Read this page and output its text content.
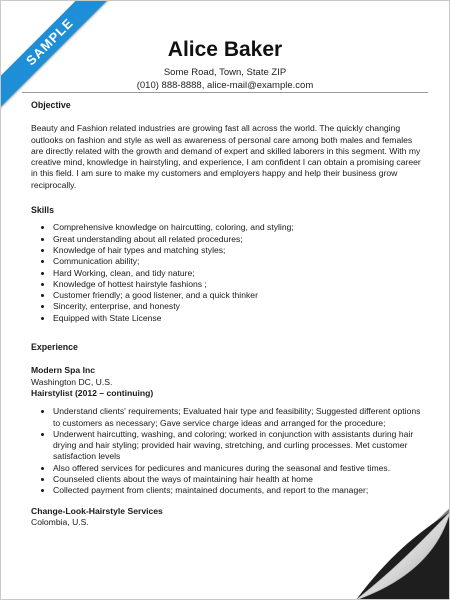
SAMPLE	Alice Baker
Some Road, Town, State ZIP
(010) 888-8888, alice-mail@example.com
Objective
Beauty and Fashion related industries are growing fast all across the world. The quickly changing outlooks on fashion and style as well as awareness of personal care among both males and females are directly related with the growth and demand of expert and skilled laborers in this segment. With my creative mind, knowledge in hairstyling, and experience, I am confident I can obtain a promising career in this field. I am sure to make my customers and employers happy and help their business grow reciprocally.
Skills
• Comprehensive knowledge on haircutting, coloring, and styling;
• Great understanding about all related procedures;
• Knowledge of hair types and matching styles;
• Communication ability;
• Hard Working, clean, and tidy nature;
• Knowledge of hottest hairstyle fashions ;
• Customer friendly; a good listener, and a quick thinker
• Sincerity, enterprise, and honesty
• Equipped with State License
Experience
Modern Spa Inc
Washington DC, U.S.
Hairstylist (2012 – continuing)
• Understand clients' requirements; Evaluated hair type and feasibility; Suggested different options to customers as necessary; Gave service charge ideas and arranged for the procedure;
• Underwent haircutting, washing, and coloring; worked in conjunction with assistants during hair drying and hair styling; provided hair waving, stretching, and curling processes. Met customer satisfaction levels
• Also offered services for pedicures and manicures during the seasonal and festive times.
• Counseled clients about the ways of maintaining hair health at home
• Collected payment from clients; maintained documents, and report to the manager;
Change-Look-Hairstyle Services
Colombia, U.S.
